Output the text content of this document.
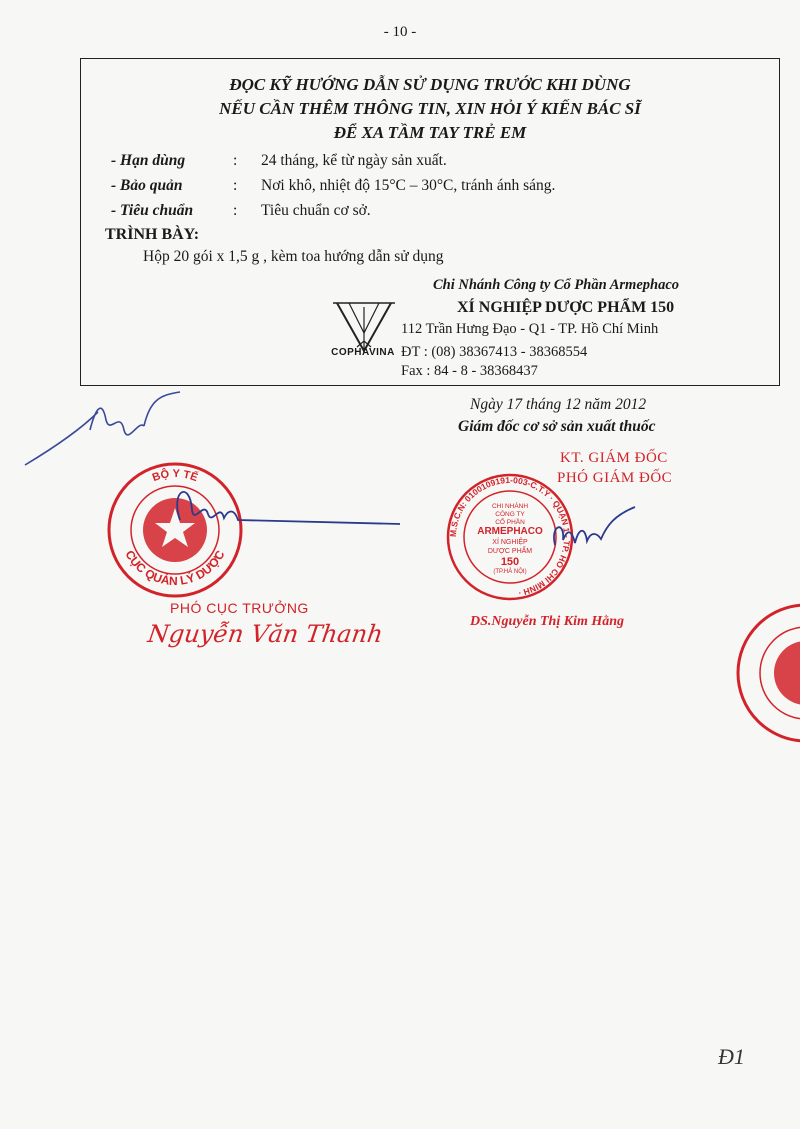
- 10 -
ĐỌC KỸ HƯỚNG DẪN SỬ DỤNG TRƯỚC KHI DÙNG
NẾU CẦN THÊM THÔNG TIN, XIN HỎI Ý KIẾN BÁC SĨ
ĐỂ XA TẦM TAY TRẺ EM
- Hạn dùng	: 24 tháng, kể từ ngày sản xuất.
- Bảo quản	: Nơi khô, nhiệt độ 15°C – 30°C, tránh ánh sáng.
- Tiêu chuẩn	: Tiêu chuẩn cơ sở.
TRÌNH BÀY:
Hộp 20 gói x 1,5 g , kèm toa hướng dẫn sử dụng
Chi Nhánh Công ty Cổ Phần Armephaco
XÍ NGHIỆP DƯỢC PHẨM 150
112 Trần Hưng Đạo - Q1 - TP. Hồ Chí Minh
ĐT : (08) 38367413 - 38368554
Fax : 84 - 8 - 38368437
COPHAVINA
Ngày 17 tháng 12 năm 2012
Giám đốc cơ sở sản xuất thuốc
KT. GIÁM ĐỐC
PHÓ GIÁM ĐỐC
BỘ Y TẾ
CỤC QUẢN LÝ DƯỢC
M.S.C.N: 0100109191-003-C.T.Y · QUẬN 1 - TP. HỒ CHÍ MINH ·
CHI NHÁNH
CÔNG TY
CỔ PHẦN
ARMEPHACO
XÍ NGHIỆP
DƯỢC PHẨM
150
(TP.HÀ NỘI)
PHÓ CỤC TRƯỞNG
Nguyễn Văn Thanh	DS.Nguyễn Thị Kim Hằng
Đ1
